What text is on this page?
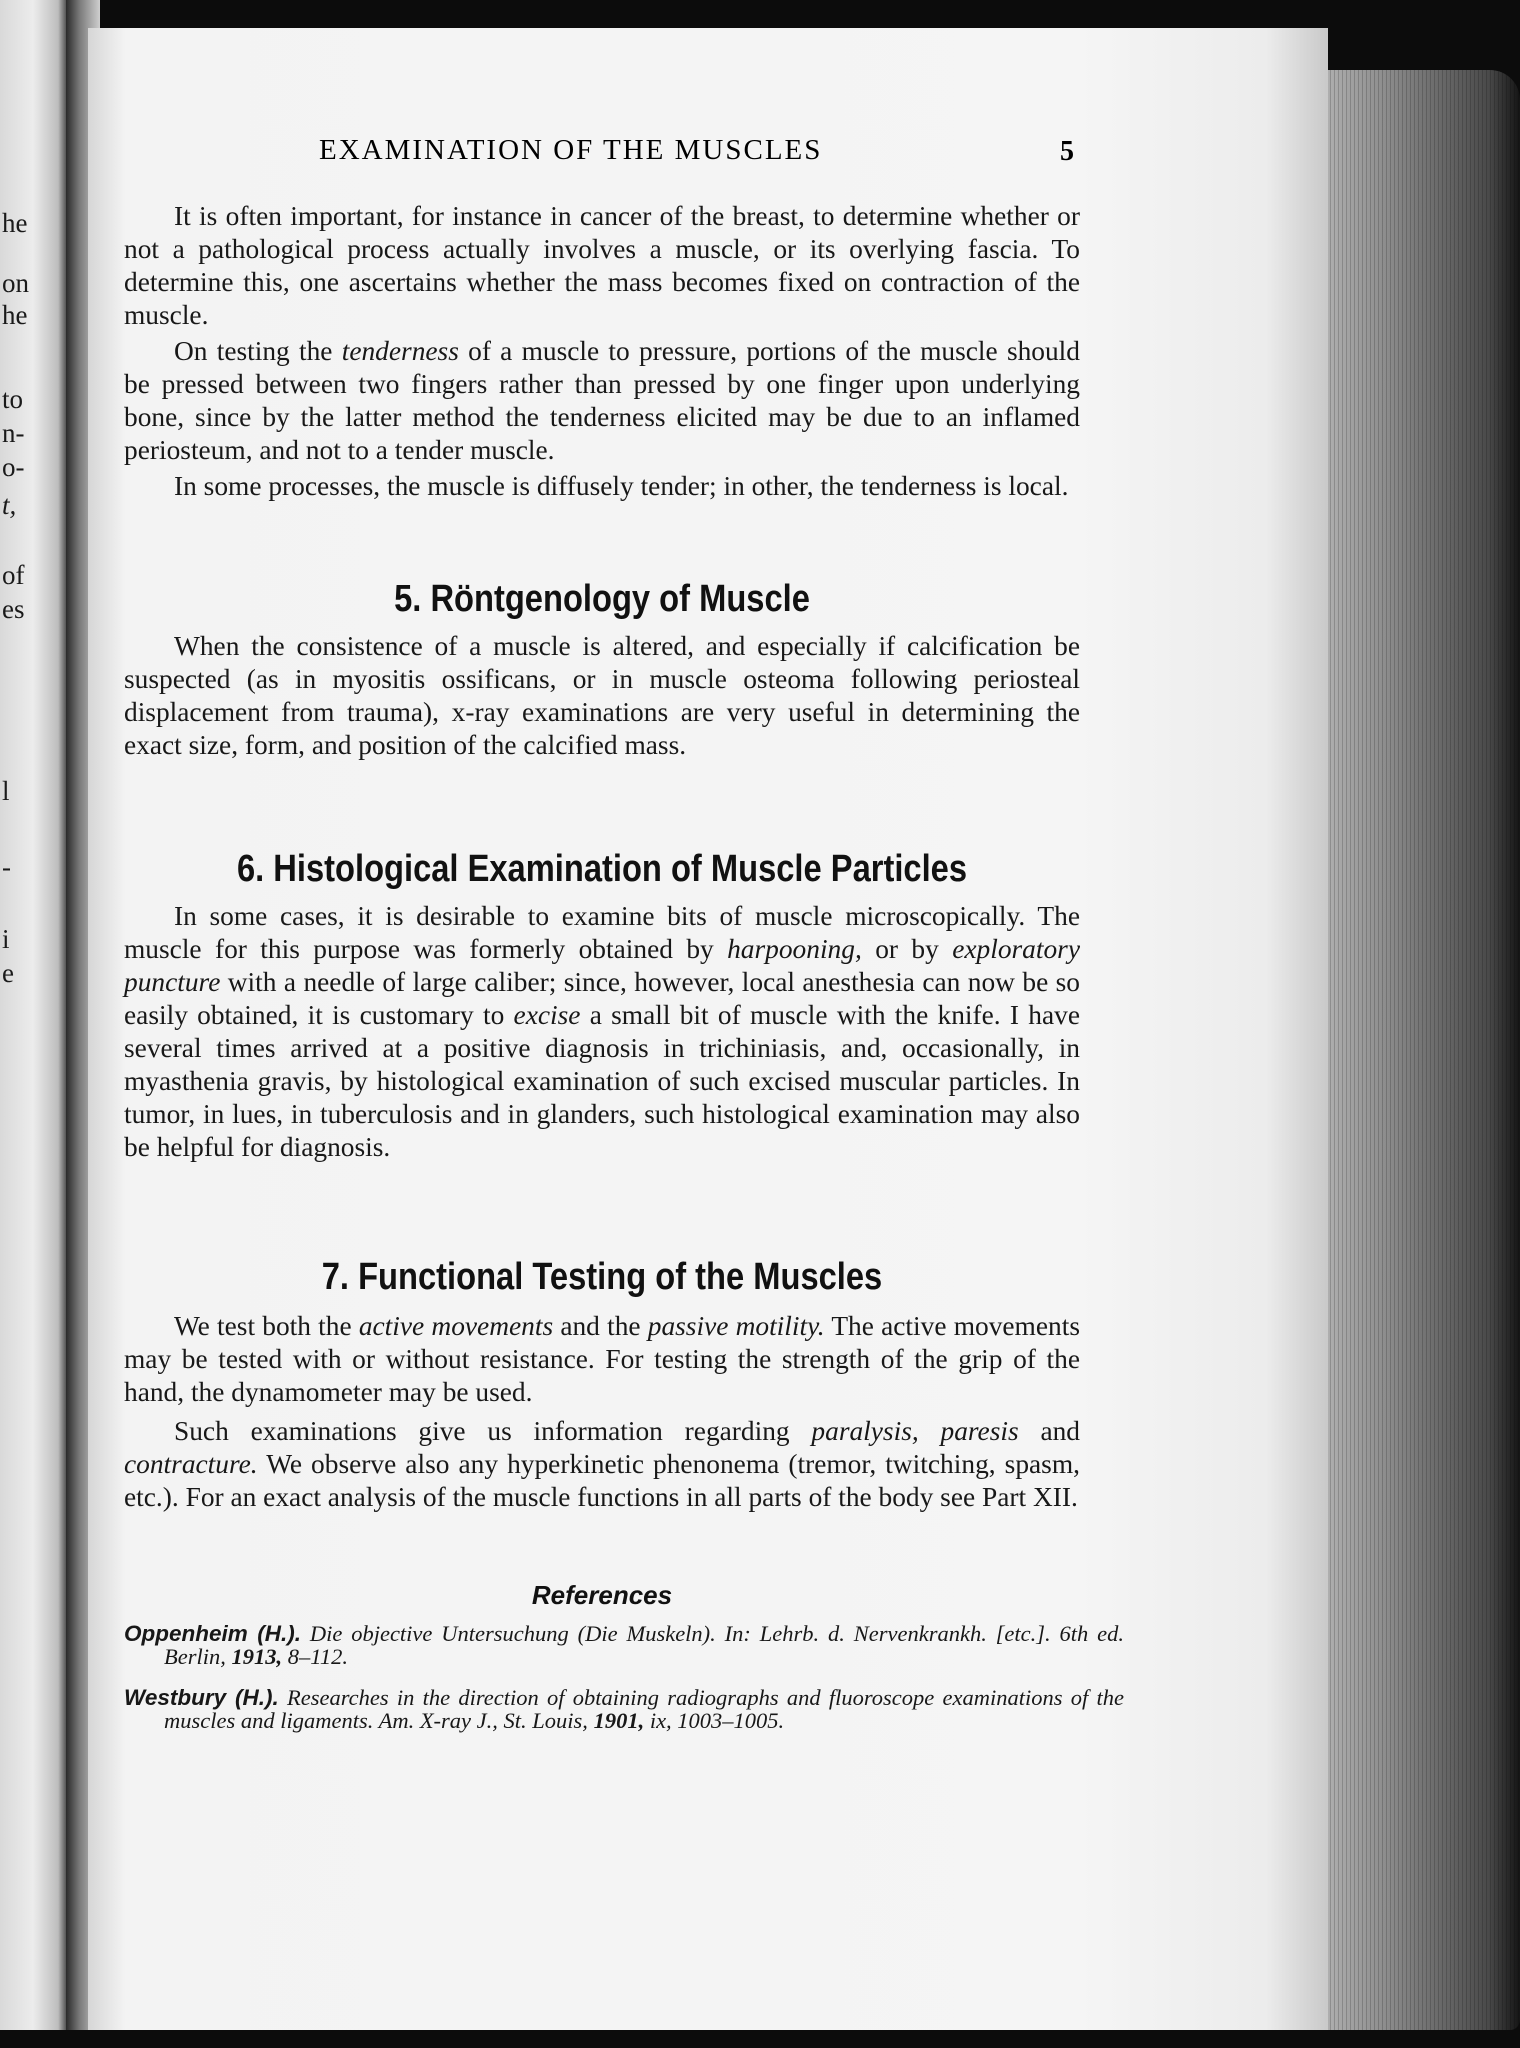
he
on
he
to
n-
o-
t,
of
es
l
-
i
e
EXAMINATION OF THE MUSCLES	5

It is often important, for instance in cancer of the breast, to determine whether or not a pathological process actually involves a muscle, or its overlying fascia. To determine this, one ascertains whether the mass becomes fixed on contraction of the muscle.

On testing the tenderness of a muscle to pressure, portions of the muscle should be pressed between two fingers rather than pressed by one finger upon underlying bone, since by the latter method the tenderness elicited may be due to an inflamed periosteum, and not to a tender muscle.

In some processes, the muscle is diffusely tender; in other, the tenderness is local.

5. Röntgenology of Muscle

When the consistence of a muscle is altered, and especially if calcification be suspected (as in myositis ossificans, or in muscle osteoma following periosteal displacement from trauma), x-ray examinations are very useful in determining the exact size, form, and position of the calcified mass.

6. Histological Examination of Muscle Particles

In some cases, it is desirable to examine bits of muscle microscopically. The muscle for this purpose was formerly obtained by harpooning, or by exploratory puncture with a needle of large caliber; since, however, local anesthesia can now be so easily obtained, it is customary to excise a small bit of muscle with the knife. I have several times arrived at a positive diagnosis in trichiniasis, and, occasionally, in myasthenia gravis, by histological examination of such excised muscular particles. In tumor, in lues, in tuberculosis and in glanders, such histological examination may also be helpful for diagnosis.

7. Functional Testing of the Muscles

We test both the active movements and the passive motility. The active movements may be tested with or without resistance. For testing the strength of the grip of the hand, the dynamometer may be used.

Such examinations give us information regarding paralysis, paresis and contracture. We observe also any hyperkinetic phenonema (tremor, twitching, spasm, etc.). For an exact analysis of the muscle functions in all parts of the body see Part XII.

References

Oppenheim (H.). Die objective Untersuchung (Die Muskeln). In: Lehrb. d. Nervenkrankh. [etc.]. 6th ed. Berlin, 1913, 8–112.

Westbury (H.). Researches in the direction of obtaining radiographs and fluoroscope examinations of the muscles and ligaments. Am. X-ray J., St. Louis, 1901, ix, 1003–1005.
